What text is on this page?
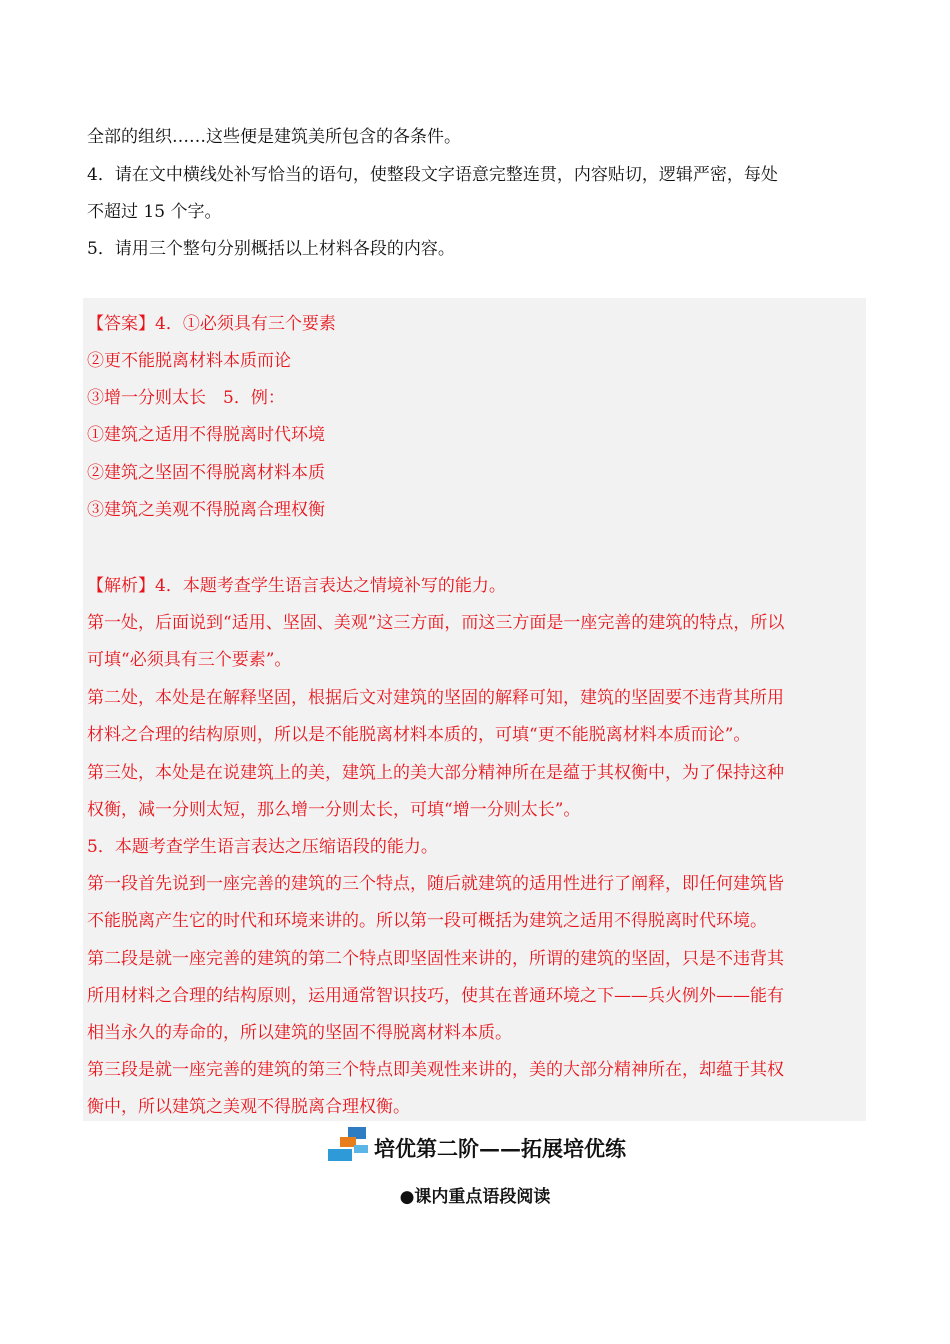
全部的组织……这些便是建筑美所包含的各条件。
4．请在文中横线处补写恰当的语句，使整段文字语意完整连贯，内容贴切，逻辑严密，每处
不超过 15 个字。
5．请用三个整句分别概括以上材料各段的内容。
【答案】4．①必须具有三个要素
②更不能脱离材料本质而论
③增一分则太长　5．例：
①建筑之适用不得脱离时代环境
②建筑之坚固不得脱离材料本质
③建筑之美观不得脱离合理权衡
【解析】4．本题考查学生语言表达之情境补写的能力。
第一处，后面说到“适用、坚固、美观”这三方面，而这三方面是一座完善的建筑的特点，所以
可填“必须具有三个要素”。
第二处，本处是在解释坚固，根据后文对建筑的坚固的解释可知，建筑的坚固要不违背其所用
材料之合理的结构原则，所以是不能脱离材料本质的，可填“更不能脱离材料本质而论”。
第三处，本处是在说建筑上的美，建筑上的美大部分精神所在是蕴于其权衡中，为了保持这种
权衡，减一分则太短，那么增一分则太长，可填“增一分则太长”。
5．本题考查学生语言表达之压缩语段的能力。
第一段首先说到一座完善的建筑的三个特点，随后就建筑的适用性进行了阐释，即任何建筑皆
不能脱离产生它的时代和环境来讲的。所以第一段可概括为建筑之适用不得脱离时代环境。
第二段是就一座完善的建筑的第二个特点即坚固性来讲的，所谓的建筑的坚固，只是不违背其
所用材料之合理的结构原则，运用通常智识技巧，使其在普通环境之下——兵火例外——能有
相当永久的寿命的，所以建筑的坚固不得脱离材料本质。
第三段是就一座完善的建筑的第三个特点即美观性来讲的，美的大部分精神所在，却蕴于其权
衡中，所以建筑之美观不得脱离合理权衡。
培优第二阶——拓展培优练
●课内重点语段阅读
